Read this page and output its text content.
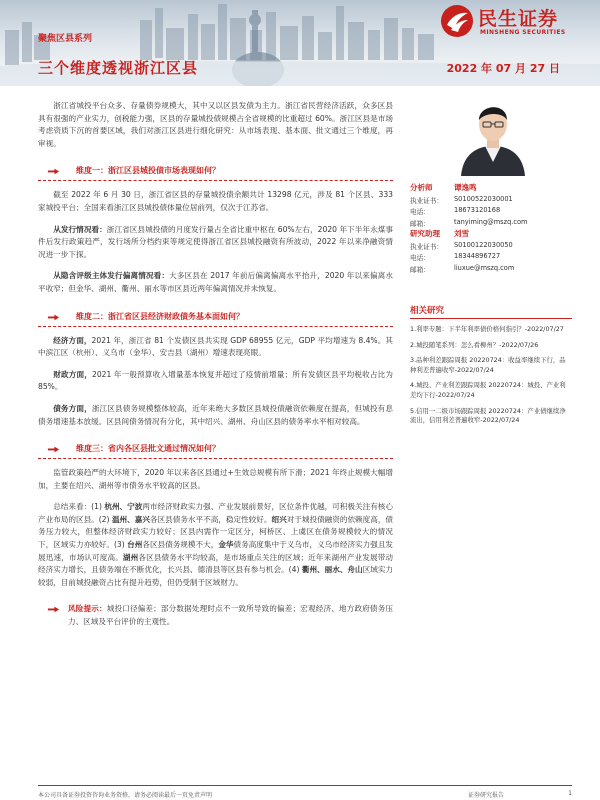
聚焦区县系列
三个维度透视浙江区县	2022 年 07 月 27 日
民生证券
MINSHENG SECURITIES

浙江省城投平台众多、存量债券规模大，其中又以区县发债为主力。浙江省民营经济活跃，众多区县具有很强的产业实力，创税能力强，区县的存量城投债规模占全省规模的比重超过 60%。浙江区县是市场考虑资质下沉的首要区域，我们对浙江区县进行细化研究：从市场表现、基本面、批文通过三个维度，再审视。

维度一：浙江区县城投债市场表现如何？

截至 2022 年 6 月 30 日，浙江省区县的存量城投债余额共计 13298 亿元，涉及 81 个区县、333 家城投平台；全国来看浙江区县城投债体量位居前列，仅次于江苏省。

从发行情况看：浙江省区县城投债的月度发行量占全省比重中枢在 60%左右，2020 年下半年永煤事件后发行政策趋严，发行场所分档约束等规定使得浙江省区县城投融资有所波动，2022 年以来净融资情况进一步下探。

从隐含评级主体发行偏离情况看：大多区县在 2017 年前后偏离偏离水平抬升，2020 年以来偏离水平收窄；但金华、湖州、衢州、丽水等市区县近两年偏离情况并未恢复。

维度二：浙江省区县经济财政债务基本面如何？

经济方面，2021 年，浙江省 81 个发债区县共实现 GDP 68955 亿元，GDP 平均增速为 8.4%。其中滨江区（杭州）、义乌市（金华）、安吉县（湖州）增速表现亮眼。

财政方面，2021 年一般预算收入增量基本恢复并超过了疫情前增量；所有发债区县平均税收占比为 85%。

债务方面，浙江区县债务规模整体较高，近年来绝大多数区县城投债融资依赖度在提高，但城投有息债务增速基本放缓。区县间债务情况有分化，其中绍兴、湖州、舟山区县的债务率水平相对较高。

维度三：省内各区县批文通过情况如何？

监管政策趋严的大环境下，2020 年以来各区县通过+生效总规模有所下滑；2021 年终止规模大幅增加，主要在绍兴、湖州等市债务水平较高的区县。

总结来看：(1) 杭州、宁波两市经济财政实力强、产业发展前景好，区位条件优越，可积极关注有核心产业布局的区县。(2) 温州、嘉兴各区县债务水平不高，稳定性较好。绍兴对于城投债融资的依赖度高，债务压力较大，但整体经济财政实力较好；区县内需作一定区分，柯桥区、上虞区在债务规模较大的情况下，区域实力亦较好。(3) 台州各区县债务规模不大，金华债务高度集中于义乌市，义乌市经济实力强且发展迅速，市场认可度高。湖州各区县债务水平均较高，是市场重点关注的区域；近年来湖州产业发展带动经济实力增长，且债务端在不断优化，长兴县、德清县等区县有参与机会。(4) 衢州、丽水、舟山区域实力较弱，目前城投融资占比有提升趋势，但仍受制于区域财力。

风险提示：城投口径偏差；部分数据处理时点不一致所导致的偏差；宏观经济、地方政府债务压力、区域及平台评价的主观性。

分析师	谭逸鸣
执业证书： S0100522030001
电话：	18673120168
邮箱：	tanyiming@mszq.com
研究助理 刘雪
执业证书： S0100122030050
电话：	18344896727
邮箱：	liuxue@mszq.com
相关研究
1.利率专题：下半年利率债价格何指引？-2022/07/27
2.城投随笔系列：怎么看柳州？-2022/07/26
3.品种利差跟踪周报 20220724：收益率继续下行，品种利差普遍收窄-2022/07/24
4.城投、产业利差跟踪周报 20220724：城投、产业利差均下行-2022/07/24
5.信用一二级市场跟踪周报 20220724：产业债继续净流出，信用利差普遍收窄-2022/07/24
本公司具备证券投资咨询业务资格，请务必阅读最后一页免责声明	证券研究报告	1
